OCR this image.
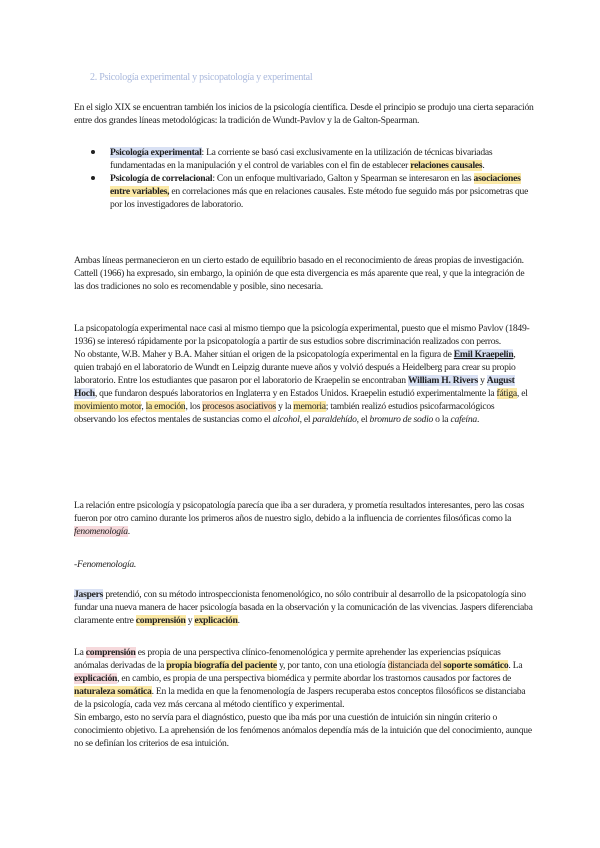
2. Psicología experimental y psicopatología y experimental

En el siglo XIX se encuentran también los inicios de la psicología científica. Desde el principio se produjo una cierta separación entre dos grandes líneas metodológicas: la tradición de Wundt-Pavlov y la de Galton-Spearman.

Psicología experimental: La corriente se basó casi exclusivamente en la utilización de técnicas bivariadas fundamentadas en la manipulación y el control de variables con el fin de establecer relaciones causales.
Psicología de correlacional: Con un enfoque multivariado, Galton y Spearman se interesaron en las asociaciones entre variables, en correlaciones más que en relaciones causales. Este método fue seguido más por psicometras que por los investigadores de laboratorio.

Ambas líneas permanecieron en un cierto estado de equilibrio basado en el reconocimiento de áreas propias de investigación. Cattell (1966) ha expresado, sin embargo, la opinión de que esta divergencia es más aparente que real, y que la integración de las dos tradiciones no solo es recomendable y posible, sino necesaria.

La psicopatología experimental nace casi al mismo tiempo que la psicología experimental, puesto que el mismo Pavlov (1849-1936) se interesó rápidamente por la psicopatología a partir de sus estudios sobre discriminación realizados con perros.

No obstante, W.B. Maher y B.A. Maher sitúan el origen de la psicopatología experimental en la figura de Emil Kraepelin, quien trabajó en el laboratorio de Wundt en Leipzig durante nueve años y volvió después a Heidelberg para crear su propio laboratorio. Entre los estudiantes que pasaron por el laboratorio de Kraepelin se encontraban William H. Rivers y August Hoch, que fundaron después laboratorios en Inglaterra y en Estados Unidos. Kraepelin estudió experimentalmente la fátiga, el movimiento motor, la emoción, los procesos asociativos y la memoria; también realizó estudios psicofarmacológicos observando los efectos mentales de sustancias como el alcohol, el paraldehído, el bromuro de sodio o la cafeína.

La relación entre psicología y psicopatología parecía que iba a ser duradera, y prometía resultados interesantes, pero las cosas fueron por otro camino durante los primeros años de nuestro siglo, debido a la influencia de corrientes filosóficas como la fenomenología.

-Fenomenología.

Jaspers pretendió, con su método introspeccionista fenomenológico, no sólo contribuir al desarrollo de la psicopatología sino fundar una nueva manera de hacer psicología basada en la observación y la comunicación de las vivencias. Jaspers diferenciaba claramente entre comprensión y explicación.

La comprensión es propia de una perspectiva clínico-fenomenológica y permite aprehender las experiencias psíquicas anómalas derivadas de la propia biografía del paciente y, por tanto, con una etiología distanciada del soporte somático. La explicación, en cambio, es propia de una perspectiva biomédica y permite abordar los trastornos causados por factores de naturaleza somática. En la medida en que la fenomenología de Jaspers recuperaba estos conceptos filosóficos se distanciaba de la psicología, cada vez más cercana al método científico y experimental.

Sin embargo, esto no servía para el diagnóstico, puesto que iba más por una cuestión de intuición sin ningún criterio o conocimiento objetivo. La aprehensión de los fenómenos anómalos dependía más de la intuición que del conocimiento, aunque no se definían los criterios de esa intuición.
